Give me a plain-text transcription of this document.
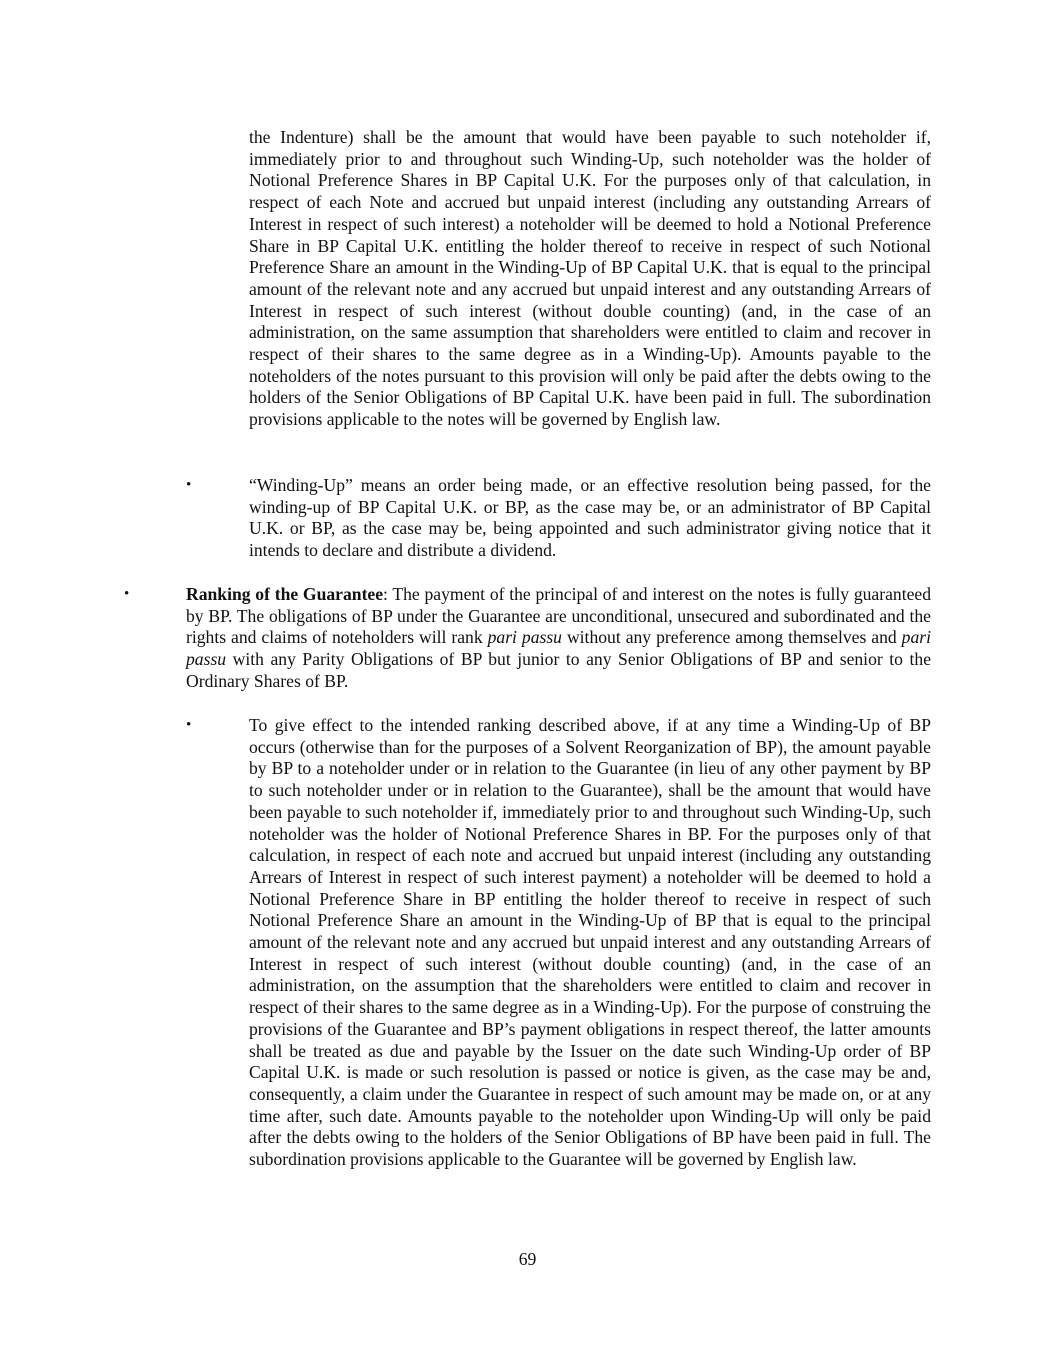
the Indenture) shall be the amount that would have been payable to such noteholder if, immediately prior to and throughout such Winding-Up, such noteholder was the holder of Notional Preference Shares in BP Capital U.K. For the purposes only of that calculation, in respect of each Note and accrued but unpaid interest (including any outstanding Arrears of Interest in respect of such interest) a noteholder will be deemed to hold a Notional Preference Share in BP Capital U.K. entitling the holder thereof to receive in respect of such Notional Preference Share an amount in the Winding-Up of BP Capital U.K. that is equal to the principal amount of the relevant note and any accrued but unpaid interest and any outstanding Arrears of Interest in respect of such interest (without double counting) (and, in the case of an administration, on the same assumption that shareholders were entitled to claim and recover in respect of their shares to the same degree as in a Winding-Up). Amounts payable to the noteholders of the notes pursuant to this provision will only be paid after the debts owing to the holders of the Senior Obligations of BP Capital U.K. have been paid in full. The subordination provisions applicable to the notes will be governed by English law.

•	“Winding-Up” means an order being made, or an effective resolution being passed, for the winding-up of BP Capital U.K. or BP, as the case may be, or an administrator of BP Capital U.K. or BP, as the case may be, being appointed and such administrator giving notice that it intends to declare and distribute a dividend.

•	Ranking of the Guarantee: The payment of the principal of and interest on the notes is fully guaranteed by BP. The obligations of BP under the Guarantee are unconditional, unsecured and subordinated and the rights and claims of noteholders will rank pari passu without any preference among themselves and pari passu with any Parity Obligations of BP but junior to any Senior Obligations of BP and senior to the Ordinary Shares of BP.

•	To give effect to the intended ranking described above, if at any time a Winding-Up of BP occurs (otherwise than for the purposes of a Solvent Reorganization of BP), the amount payable by BP to a noteholder under or in relation to the Guarantee (in lieu of any other payment by BP to such noteholder under or in relation to the Guarantee), shall be the amount that would have been payable to such noteholder if, immediately prior to and throughout such Winding-Up, such noteholder was the holder of Notional Preference Shares in BP. For the purposes only of that calculation, in respect of each note and accrued but unpaid interest (including any outstanding Arrears of Interest in respect of such interest payment) a noteholder will be deemed to hold a Notional Preference Share in BP entitling the holder thereof to receive in respect of such Notional Preference Share an amount in the Winding-Up of BP that is equal to the principal amount of the relevant note and any accrued but unpaid interest and any outstanding Arrears of Interest in respect of such interest (without double counting) (and, in the case of an administration, on the assumption that the shareholders were entitled to claim and recover in respect of their shares to the same degree as in a Winding-Up). For the purpose of construing the provisions of the Guarantee and BP’s payment obligations in respect thereof, the latter amounts shall be treated as due and payable by the Issuer on the date such Winding-Up order of BP Capital U.K. is made or such resolution is passed or notice is given, as the case may be and, consequently, a claim under the Guarantee in respect of such amount may be made on, or at any time after, such date. Amounts payable to the noteholder upon Winding-Up will only be paid after the debts owing to the holders of the Senior Obligations of BP have been paid in full. The subordination provisions applicable to the Guarantee will be governed by English law.

69
